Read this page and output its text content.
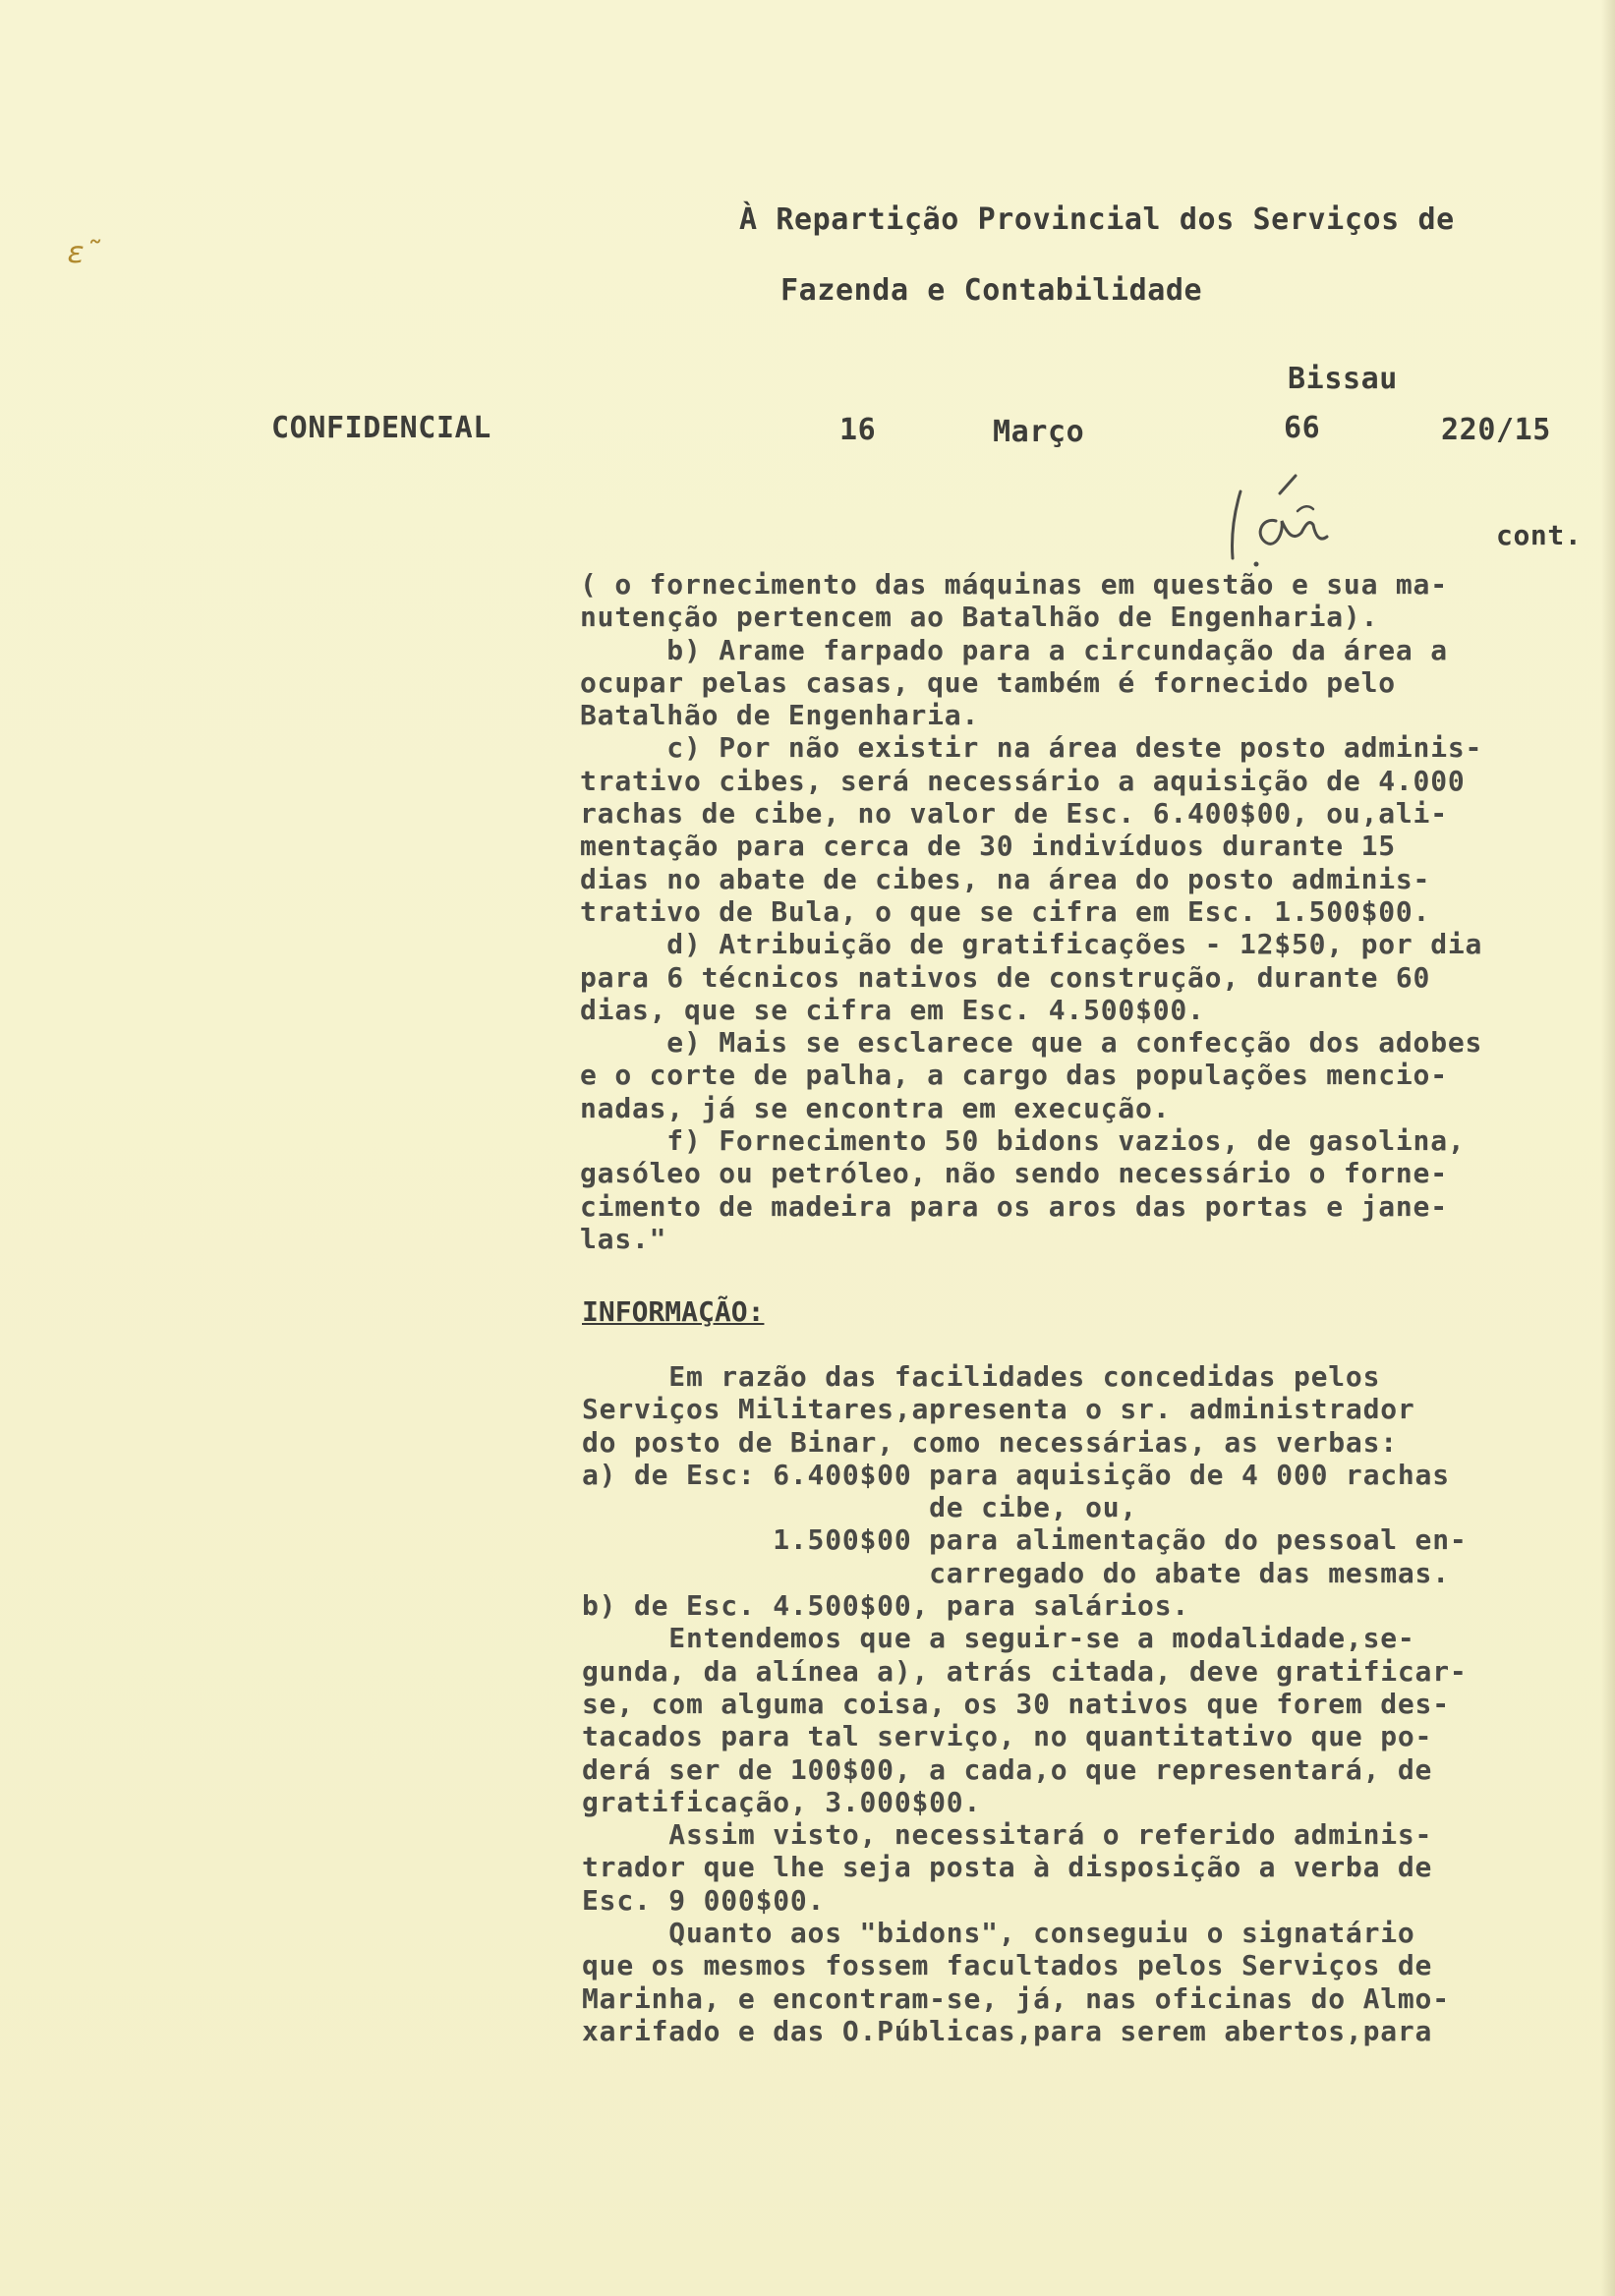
ɛ̃
À Repartição Provincial dos Serviços de
Fazenda e Contabilidade
Bissau
CONFIDENCIAL	16	Março	66	220/15
cont.
( o fornecimento das máquinas em questão e sua ma-
nutenção pertencem ao Batalhão de Engenharia).
b) Arame farpado para a circundação da área a
ocupar pelas casas, que também é fornecido pelo
Batalhão de Engenharia.
c) Por não existir na área deste posto adminis-
trativo cibes, será necessário a aquisição de 4.000
rachas de cibe, no valor de Esc. 6.400$00, ou,ali-
mentação para cerca de 30 indivíduos durante 15
dias no abate de cibes, na área do posto adminis-
trativo de Bula, o que se cifra em Esc. 1.500$00.
d) Atribuição de gratificações - 12$50, por dia
para 6 técnicos nativos de construção, durante 60
dias, que se cifra em Esc. 4.500$00.
e) Mais se esclarece que a confecção dos adobes
e o corte de palha, a cargo das populações mencio-
nadas, já se encontra em execução.
f) Fornecimento 50 bidons vazios, de gasolina,
gasóleo ou petróleo, não sendo necessário o forne-
cimento de madeira para os aros das portas e jane-
las."
INFORMAÇÃO:
Em razão das facilidades concedidas pelos
Serviços Militares,apresenta o sr. administrador
do posto de Binar, como necessárias, as verbas:
a) de Esc: 6.400$00 para aquisição de 4 000 rachas
de cibe, ou,
1.500$00 para alimentação do pessoal en-
carregado do abate das mesmas.
b) de Esc. 4.500$00, para salários.
Entendemos que a seguir-se a modalidade,se-
gunda, da alínea a), atrás citada, deve gratificar-
se, com alguma coisa, os 30 nativos que forem des-
tacados para tal serviço, no quantitativo que po-
derá ser de 100$00, a cada,o que representará, de
gratificação, 3.000$00.
Assim visto, necessitará o referido adminis-
trador que lhe seja posta à disposição a verba de
Esc. 9 000$00.
Quanto aos "bidons", conseguiu o signatário
que os mesmos fossem facultados pelos Serviços de
Marinha, e encontram-se, já, nas oficinas do Almo-
xarifado e das O.Públicas,para serem abertos,para
